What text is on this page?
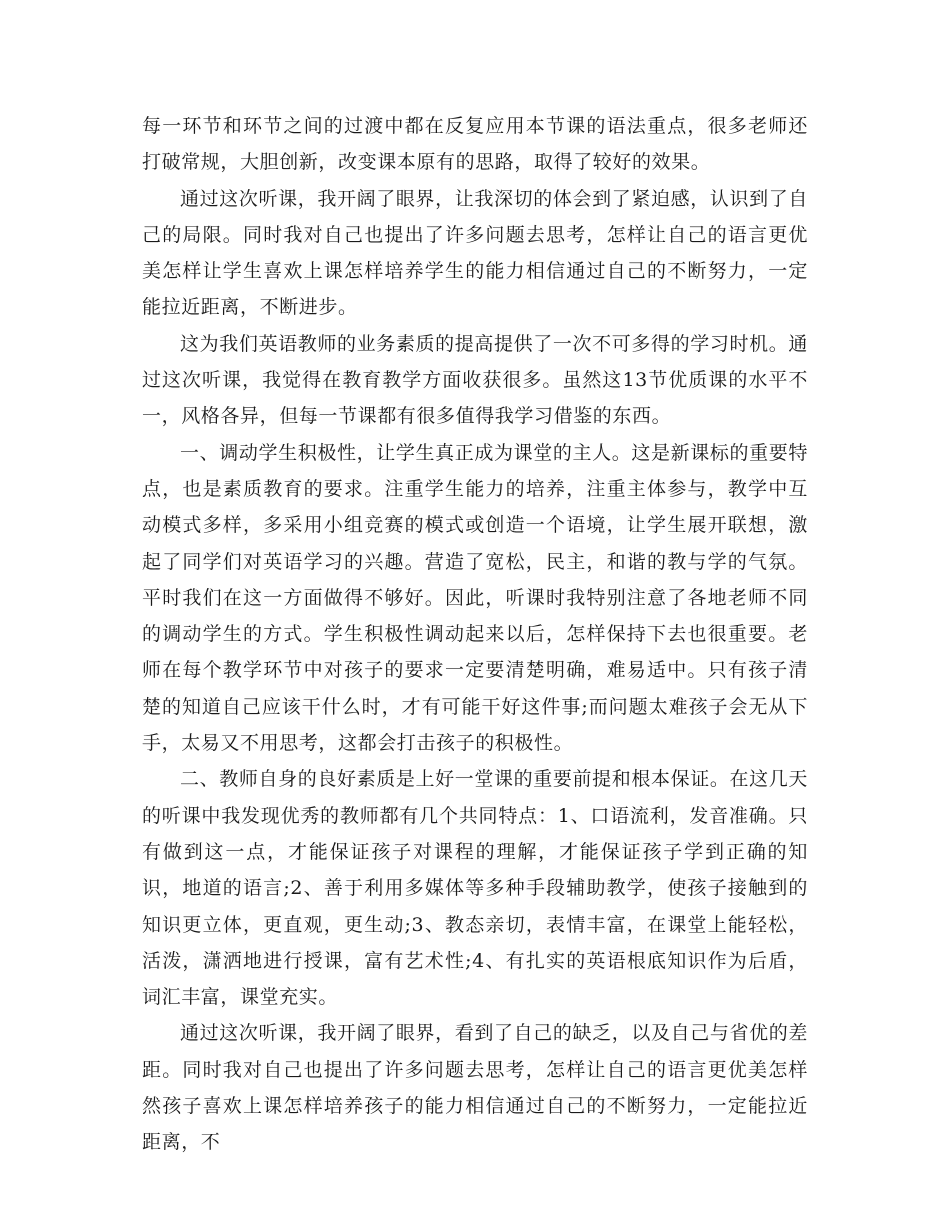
每一环节和环节之间的过渡中都在反复应用本节课的语法重点，很多老师还打破常规，大胆创新，改变课本原有的思路，取得了较好的效果。

通过这次听课，我开阔了眼界，让我深切的体会到了紧迫感，认识到了自己的局限。同时我对自己也提出了许多问题去思考，怎样让自己的语言更优美怎样让学生喜欢上课怎样培养学生的能力相信通过自己的不断努力，一定能拉近距离，不断进步。

这为我们英语教师的业务素质的提高提供了一次不可多得的学习时机。通过这次听课，我觉得在教育教学方面收获很多。虽然这13节优质课的水平不一，风格各异，但每一节课都有很多值得我学习借鉴的东西。

一、调动学生积极性，让学生真正成为课堂的主人。这是新课标的重要特点，也是素质教育的要求。注重学生能力的培养，注重主体参与，教学中互动模式多样，多采用小组竞赛的模式或创造一个语境，让学生展开联想，激起了同学们对英语学习的兴趣。营造了宽松，民主，和谐的教与学的气氛。平时我们在这一方面做得不够好。因此，听课时我特别注意了各地老师不同的调动学生的方式。学生积极性调动起来以后，怎样保持下去也很重要。老师在每个教学环节中对孩子的要求一定要清楚明确，难易适中。只有孩子清楚的知道自己应该干什么时，才有可能干好这件事;而问题太难孩子会无从下手，太易又不用思考，这都会打击孩子的积极性。

二、教师自身的良好素质是上好一堂课的重要前提和根本保证。在这几天的听课中我发现优秀的教师都有几个共同特点：1、口语流利，发音准确。只有做到这一点，才能保证孩子对课程的理解，才能保证孩子学到正确的知识，地道的语言;2、善于利用多媒体等多种手段辅助教学，使孩子接触到的知识更立体，更直观，更生动;3、教态亲切，表情丰富，在课堂上能轻松，活泼，潇洒地进行授课，富有艺术性;4、有扎实的英语根底知识作为后盾，词汇丰富，课堂充实。

通过这次听课，我开阔了眼界，看到了自己的缺乏，以及自己与省优的差距。同时我对自己也提出了许多问题去思考，怎样让自己的语言更优美怎样然孩子喜欢上课怎样培养孩子的能力相信通过自己的不断努力，一定能拉近距离，不
